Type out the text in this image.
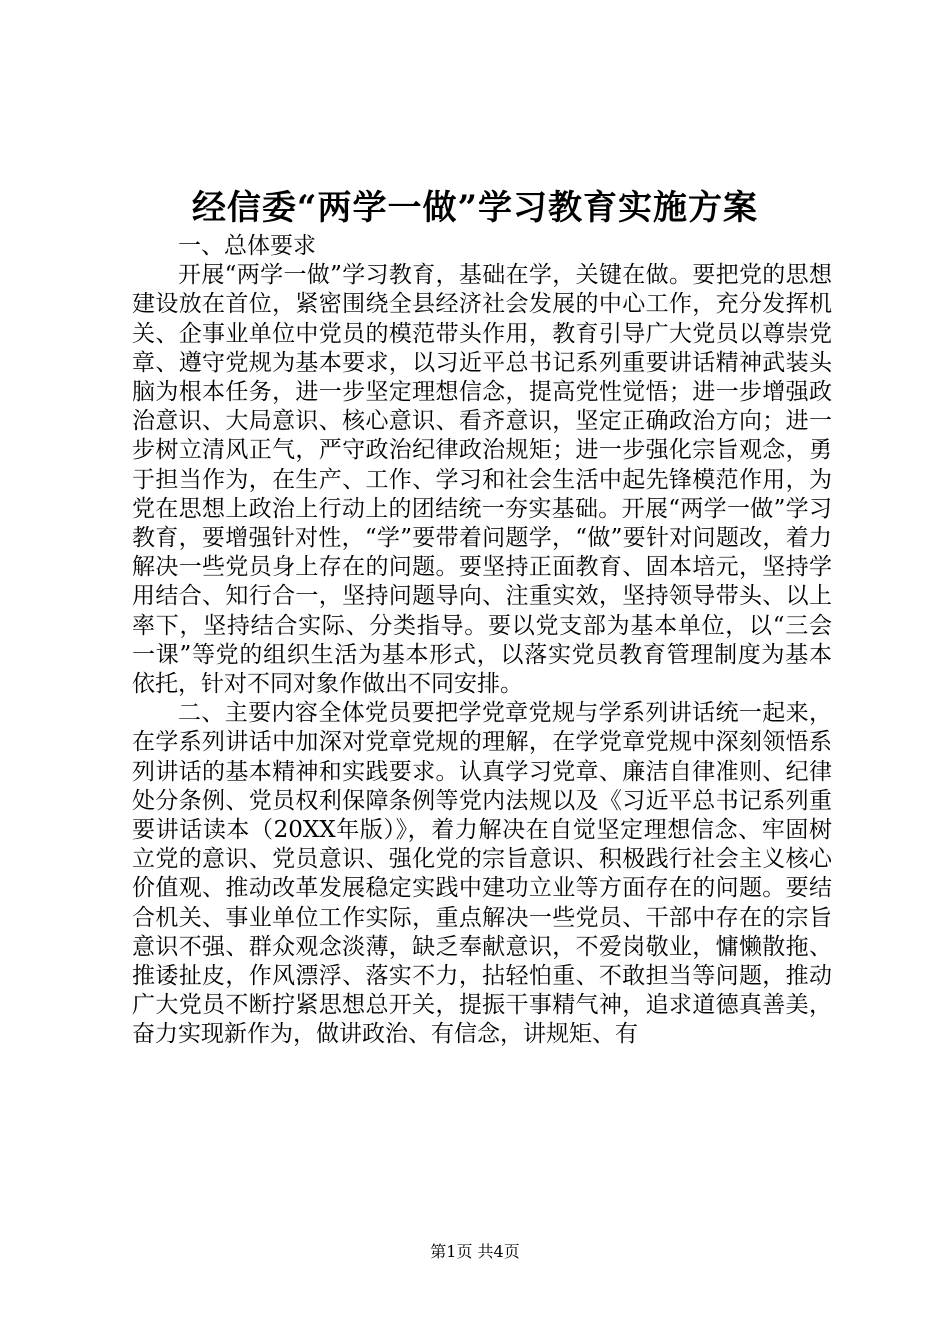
经信委“两学一做”学习教育实施方案

一、总体要求

开展“两学一做”学习教育，基础在学，关键在做。要把党的思想建设放在首位，紧密围绕全县经济社会发展的中心工作，充分发挥机关、企事业单位中党员的模范带头作用，教育引导广大党员以尊崇党章、遵守党规为基本要求，以习近平总书记系列重要讲话精神武装头脑为根本任务，进一步坚定理想信念，提高党性觉悟；进一步增强政治意识、大局意识、核心意识、看齐意识，坚定正确政治方向；进一步树立清风正气，严守政治纪律政治规矩；进一步强化宗旨观念，勇于担当作为，在生产、工作、学习和社会生活中起先锋模范作用，为党在思想上政治上行动上的团结统一夯实基础。开展“两学一做”学习教育，要增强针对性，“学”要带着问题学，“做”要针对问题改，着力解决一些党员身上存在的问题。要坚持正面教育、固本培元，坚持学用结合、知行合一，坚持问题导向、注重实效，坚持领导带头、以上率下，坚持结合实际、分类指导。要以党支部为基本单位，以“三会一课”等党的组织生活为基本形式，以落实党员教育管理制度为基本依托，针对不同对象作做出不同安排。

二、主要内容全体党员要把学党章党规与学系列讲话统一起来，在学系列讲话中加深对党章党规的理解，在学党章党规中深刻领悟系列讲话的基本精神和实践要求。认真学习党章、廉洁自律准则、纪律处分条例、党员权利保障条例等党内法规以及《习近平总书记系列重要讲话读本（20XX年版）》，着力解决在自觉坚定理想信念、牢固树立党的意识、党员意识、强化党的宗旨意识、积极践行社会主义核心价值观、推动改革发展稳定实践中建功立业等方面存在的问题。要结合机关、事业单位工作实际，重点解决一些党员、干部中存在的宗旨意识不强、群众观念淡薄，缺乏奉献意识，不爱岗敬业，慵懒散拖、推诿扯皮，作风漂浮、落实不力，拈轻怕重、不敢担当等问题，推动广大党员不断拧紧思想总开关，提振干事精气神，追求道德真善美，奋力实现新作为，做讲政治、有信念，讲规矩、有

第1页 共4页
